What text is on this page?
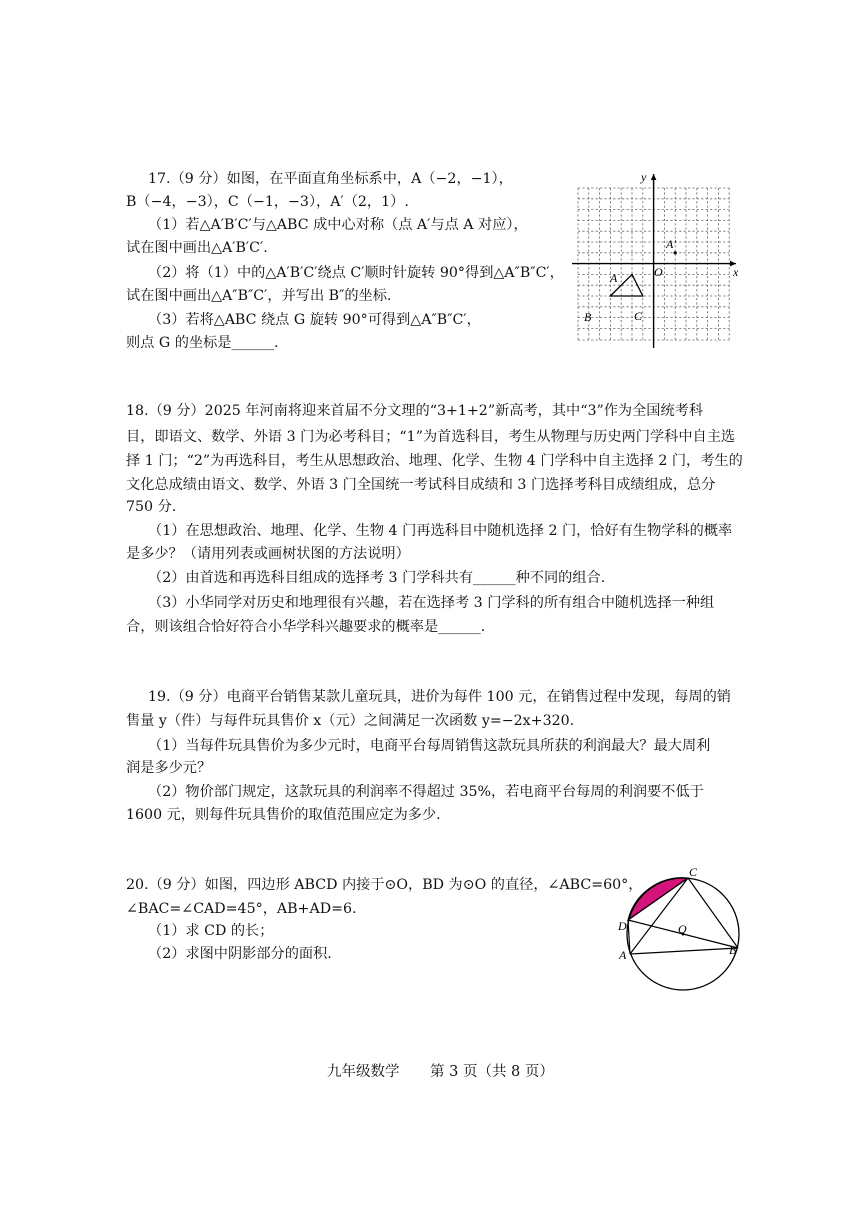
17.（9 分）如图，在平面直角坐标系中，A（−2，−1），
B（−4，−3），C（−1，−3），A′（2，1）.
（1）若△A′B′C′与△ABC 成中心对称（点 A′与点 A 对应），
试在图中画出△A′B′C′.
（2）将（1）中的△A′B′C′绕点 C′顺时针旋转 90°得到△A″B″C′，
试在图中画出△A″B″C′，并写出 B″的坐标.
（3）若将△ABC 绕点 G 旋转 90°可得到△A″B″C′，
则点 G 的坐标是______.
x
y
O
A
B	C
A′
18.（9 分）2025 年河南将迎来首届不分文理的“3+1+2”新高考，其中“3”作为全国统考科
目，即语文、数学、外语 3 门为必考科目；“1”为首选科目，考生从物理与历史两门学科中自主选
择 1 门；“2”为再选科目，考生从思想政治、地理、化学、生物 4 门学科中自主选择 2 门，考生的
文化总成绩由语文、数学、外语 3 门全国统一考试科目成绩和 3 门选择考科目成绩组成，总分
750 分.
（1）在思想政治、地理、化学、生物 4 门再选科目中随机选择 2 门，恰好有生物学科的概率
是多少？（请用列表或画树状图的方法说明）
（2）由首选和再选科目组成的选择考 3 门学科共有______种不同的组合.
（3）小华同学对历史和地理很有兴趣，若在选择考 3 门学科的所有组合中随机选择一种组
合，则该组合恰好符合小华学科兴趣要求的概率是______.
19.（9 分）电商平台销售某款儿童玩具，进价为每件 100 元，在销售过程中发现，每周的销
售量 y（件）与每件玩具售价 x（元）之间满足一次函数 y=−2x+320.
（1）当每件玩具售价为多少元时，电商平台每周销售这款玩具所获的利润最大？最大周利
润是多少元？
（2）物价部门规定，这款玩具的利润率不得超过 35%，若电商平台每周的利润要不低于
1600 元，则每件玩具售价的取值范围应定为多少.
20.（9 分）如图，四边形 ABCD 内接于⊙O，BD 为⊙O 的直径，∠ABC=60°，
∠BAC=∠CAD=45°，AB+AD=6.
（1）求 CD 的长；
（2）求图中阴影部分的面积.
C
D	O
A	B
九年级数学 第 3 页（共 8 页）
